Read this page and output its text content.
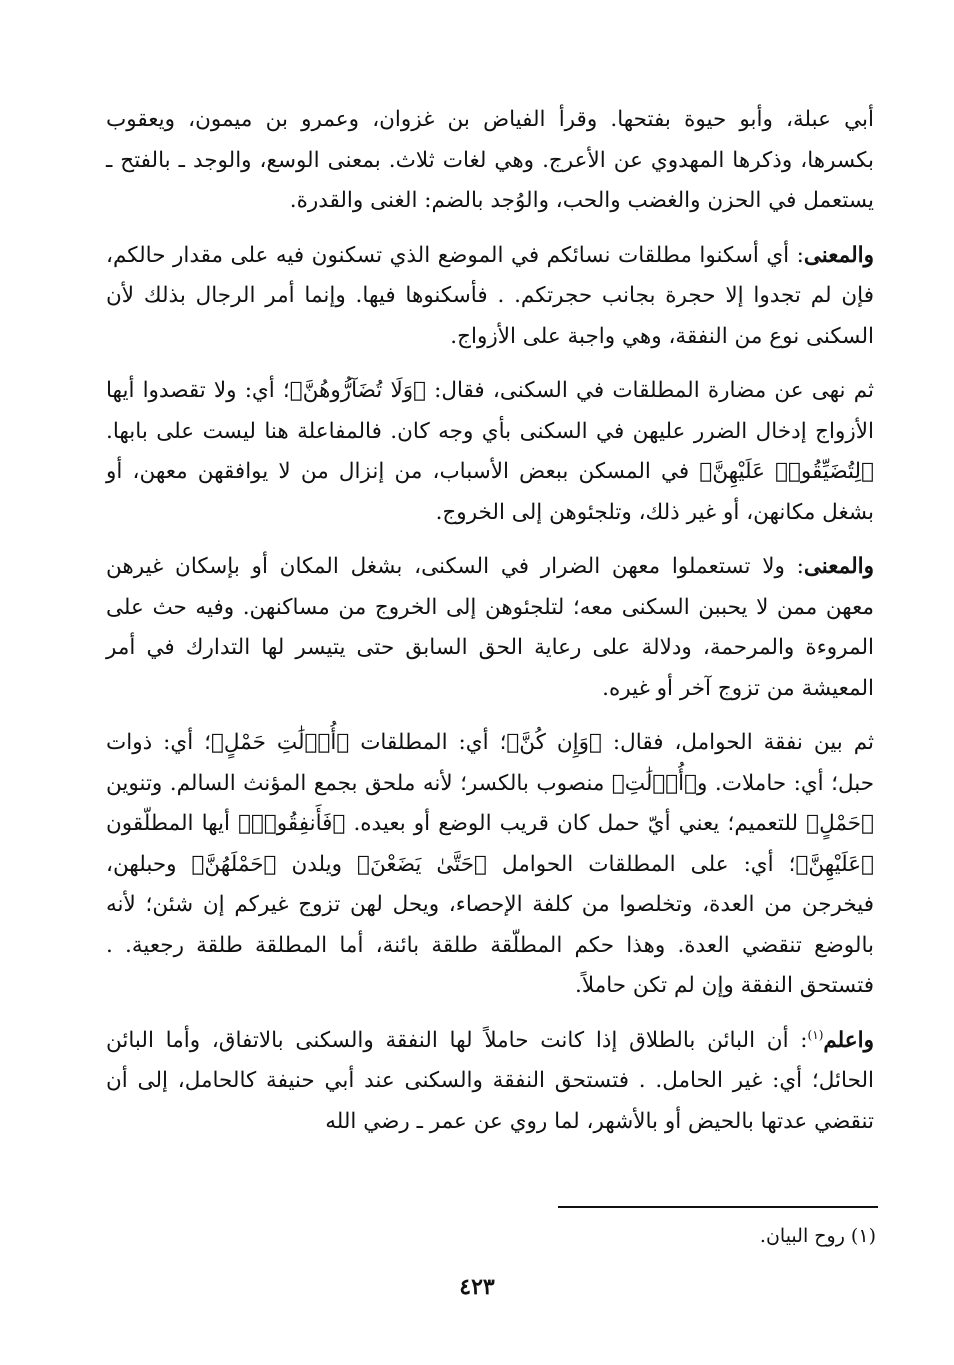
أبي عبلة، وأبو حيوة بفتحها. وقرأ الفياض بن غزوان، وعمرو بن ميمون، ويعقوب بكسرها، وذكرها المهدوي عن الأعرج. وهي لغات ثلاث. بمعنى الوسع، والوجد ـ بالفتح ـ يستعمل في الحزن والغضب والحب، والوُجد بالضم: الغنى والقدرة.

والمعنى: أي أسكنوا مطلقات نسائكم في الموضع الذي تسكنون فيه على مقدار حالكم، فإن لم تجدوا إلا حجرة بجانب حجرتكم. . فأسكنوها فيها. وإنما أمر الرجال بذلك لأن السكنى نوع من النفقة، وهي واجبة على الأزواج.

ثم نهى عن مضارة المطلقات في السكنى، فقال: ﴿وَلَا تُضَآرُّوهُنَّ﴾؛ أي: ولا تقصدوا أيها الأزواج إدخال الضرر عليهن في السكنى بأي وجه كان. فالمفاعلة هنا ليست على بابها. ﴿لِتُضَيِّقُوا۟ عَلَيْهِنَّ﴾ في المسكن ببعض الأسباب، من إنزال من لا يوافقهن معهن، أو بشغل مكانهن، أو غير ذلك، وتلجئوهن إلى الخروج.

والمعنى: ولا تستعملوا معهن الضرار في السكنى، بشغل المكان أو بإسكان غيرهن معهن ممن لا يحببن السكنى معه؛ لتلجئوهن إلى الخروج من مساكنهن. وفيه حث على المروءة والمرحمة، ودلالة على رعاية الحق السابق حتى يتيسر لها التدارك في أمر المعيشة من تزوج آخر أو غيره.

ثم بين نفقة الحوامل، فقال: ﴿وَإِن كُنَّ﴾؛ أي: المطلقات ﴿أُو۟لَٰتِ حَمْلٍ﴾؛ أي: ذوات حبل؛ أي: حاملات. و﴿أُو۟لَٰتِ﴾ منصوب بالكسر؛ لأنه ملحق بجمع المؤنث السالم. وتنوين ﴿حَمْلٍ﴾ للتعميم؛ يعني أيّ حمل كان قريب الوضع أو بعيده. ﴿فَأَنفِقُوا۟﴾ أيها المطلّقون ﴿عَلَيْهِنَّ﴾؛ أي: على المطلقات الحوامل ﴿حَتَّىٰ يَضَعْنَ﴾ ويلدن ﴿حَمْلَهُنَّ﴾ وحبلهن، فيخرجن من العدة، وتخلصوا من كلفة الإحصاء، ويحل لهن تزوج غيركم إن شئن؛ لأنه بالوضع تنقضي العدة. وهذا حكم المطلّقة طلقة بائنة، أما المطلقة طلقة رجعية. . فتستحق النفقة وإن لم تكن حاملاً.

واعلم$^{(١)}$: أن البائن بالطلاق إذا كانت حاملاً لها النفقة والسكنى بالاتفاق، وأما البائن الحائل؛ أي: غير الحامل. . فتستحق النفقة والسكنى عند أبي حنيفة كالحامل، إلى أن تنقضي عدتها بالحيض أو بالأشهر، لما روي عن عمر ـ رضي الله

(١) روح البيان.
٤٢٣
